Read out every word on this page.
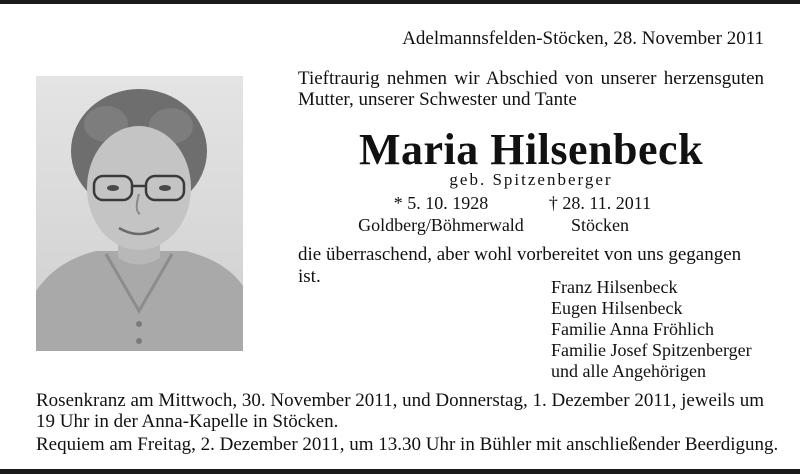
Adelmannsfelden-Stöcken, 28. November 2011
Tieftraurig nehmen wir Abschied von unserer herzensguten Mutter, unserer Schwester und Tante
Maria Hilsenbeck
geb. Spitzenberger
* 5. 10. 1928
Goldberg/Böhmerwald
† 28. 11. 2011
Stöcken
die überraschend, aber wohl vorbereitet von uns gegangen ist.	Franz Hilsenbeck
Eugen Hilsenbeck
Familie Anna Fröhlich
Familie Josef Spitzenberger
und alle Angehörigen
Rosenkranz am Mittwoch, 30. November 2011, und Donnerstag, 1. Dezember 2011, jeweils um 19 Uhr in der Anna-Kapelle in Stöcken.
Requiem am Freitag, 2. Dezember 2011, um 13.30 Uhr in Bühler mit anschließender Beerdigung.
